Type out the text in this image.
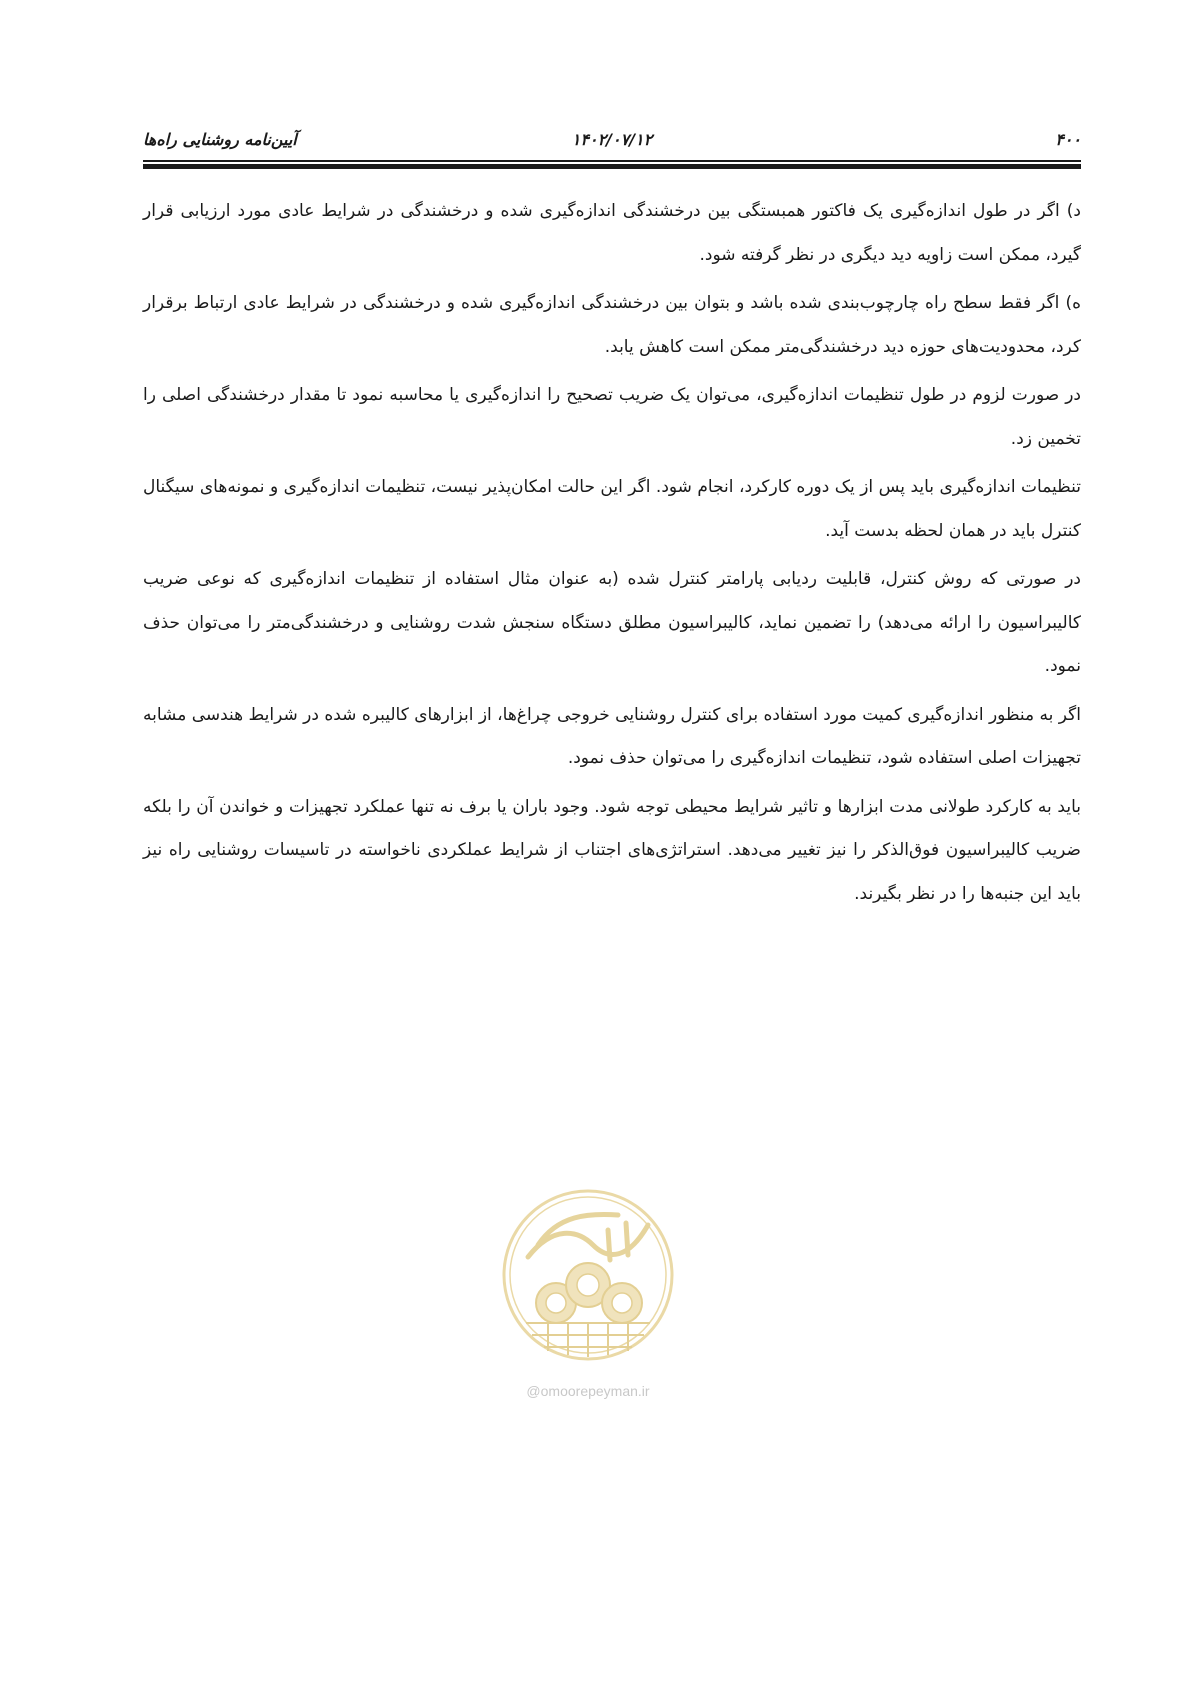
۴۰۰
۱۴۰۲/۰۷/۱۲
آیین‌نامه روشنایی راه‌ها

د) اگر در طول اندازه‌گیری یک فاکتور همبستگی بین درخشندگی اندازه‌گیری شده و درخشندگی در شرایط عادی مورد ارزیابی قرار گیرد، ممکن است زاویه دید دیگری در نظر گرفته شود.

ه) اگر فقط سطح راه چارچوب‌بندی شده باشد و بتوان بین درخشندگی اندازه‌گیری شده و درخشندگی در شرایط عادی ارتباط برقرار کرد، محدودیت‌های حوزه دید درخشندگی‌متر ممکن است کاهش یابد.

در صورت لزوم در طول تنظیمات اندازه‌گیری، می‌توان یک ضریب تصحیح را اندازه‌گیری یا محاسبه نمود تا مقدار درخشندگی اصلی را تخمین زد.

تنظیمات اندازه‌گیری باید پس از یک دوره کارکرد، انجام شود. اگر این حالت امکان‌پذیر نیست، تنظیمات اندازه‌گیری و نمونه‌های سیگنال کنترل باید در همان لحظه بدست آید.

در صورتی که روش کنترل، قابلیت ردیابی پارامتر کنترل شده (به عنوان مثال استفاده از تنظیمات اندازه‌گیری که نوعی ضریب کالیبراسیون را ارائه می‌دهد) را تضمین نماید، کالیبراسیون مطلق دستگاه سنجش شدت روشنایی و درخشندگی‌متر را می‌توان حذف نمود.

اگر به منظور اندازه‌گیری کمیت مورد استفاده برای کنترل روشنایی خروجی چراغ‌ها، از ابزارهای کالیبره شده در شرایط هندسی مشابه تجهیزات اصلی استفاده شود، تنظیمات اندازه‌گیری را می‌توان حذف نمود.

باید به کارکرد طولانی مدت ابزارها و تاثیر شرایط محیطی توجه شود. وجود باران یا برف نه تنها عملکرد تجهیزات و خواندن آن را بلکه ضریب کالیبراسیون فوق‌الذکر را نیز تغییر می‌دهد. استراتژی‌های اجتناب از شرایط عملکردی ناخواسته در تاسیسات روشنایی راه نیز باید این جنبه‌ها را در نظر بگیرند.

@omoorepeyman.ir
